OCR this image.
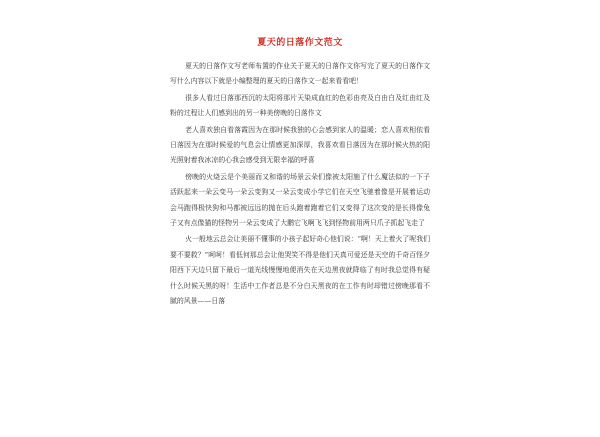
夏天的日落作文范文

夏天的日落作文写老师布置的作业关于夏天的日落作文你写完了夏天的日落作文写什么内容以下就是小编整理的夏天的日落作文一起来看看吧！

很多人看过日落那西沉的太阳将那片天染成血红的色彩由亮及白由白及红由红及粉的过程让人们感到出的另一种美傍晚的日落作文

老人喜欢独自看落霞因为在那时候我独的心会感到家人的温暖；恋人喜欢相依看日落因为在那时候爱的气息会让情感更加深厚，我喜欢看日落因为在那时候火热的阳光照射着我冰凉的心我会感受到无限幸福的呼喜

傍晚的火烧云是个美丽而又和谐的场景云朵们像被太阳施了什么魔法似的一下子活跃起来一朵云变马一朵云变狗又一朵云变成小学它们在天空飞驰着像是开展着运动会马跑得极快狗和马都被远远的抛在后头跑着跑着它们又变得了这次变的是长得像兔子又有点像猫的怪物另一朵云变成了大鹏它飞啊飞飞到怪物前用两只爪子抓起飞走了

火一般地云总会让美丽不懂事的小孩子起好奇心他们说：“啊！天上着火了呢我们要不要救？”呵呵！看低何那总会让他哭笑不得是他们天真可爱还是天空的千奇百怪夕阳西下天边只留下最后一道光线慢慢地便消失在天边黑夜就降临了有时我总觉得有疑什么时候天黑的呀！生活中工作者总是不分白天黑夜的在工作有时却错过傍晚那看不腻的风景——日落
